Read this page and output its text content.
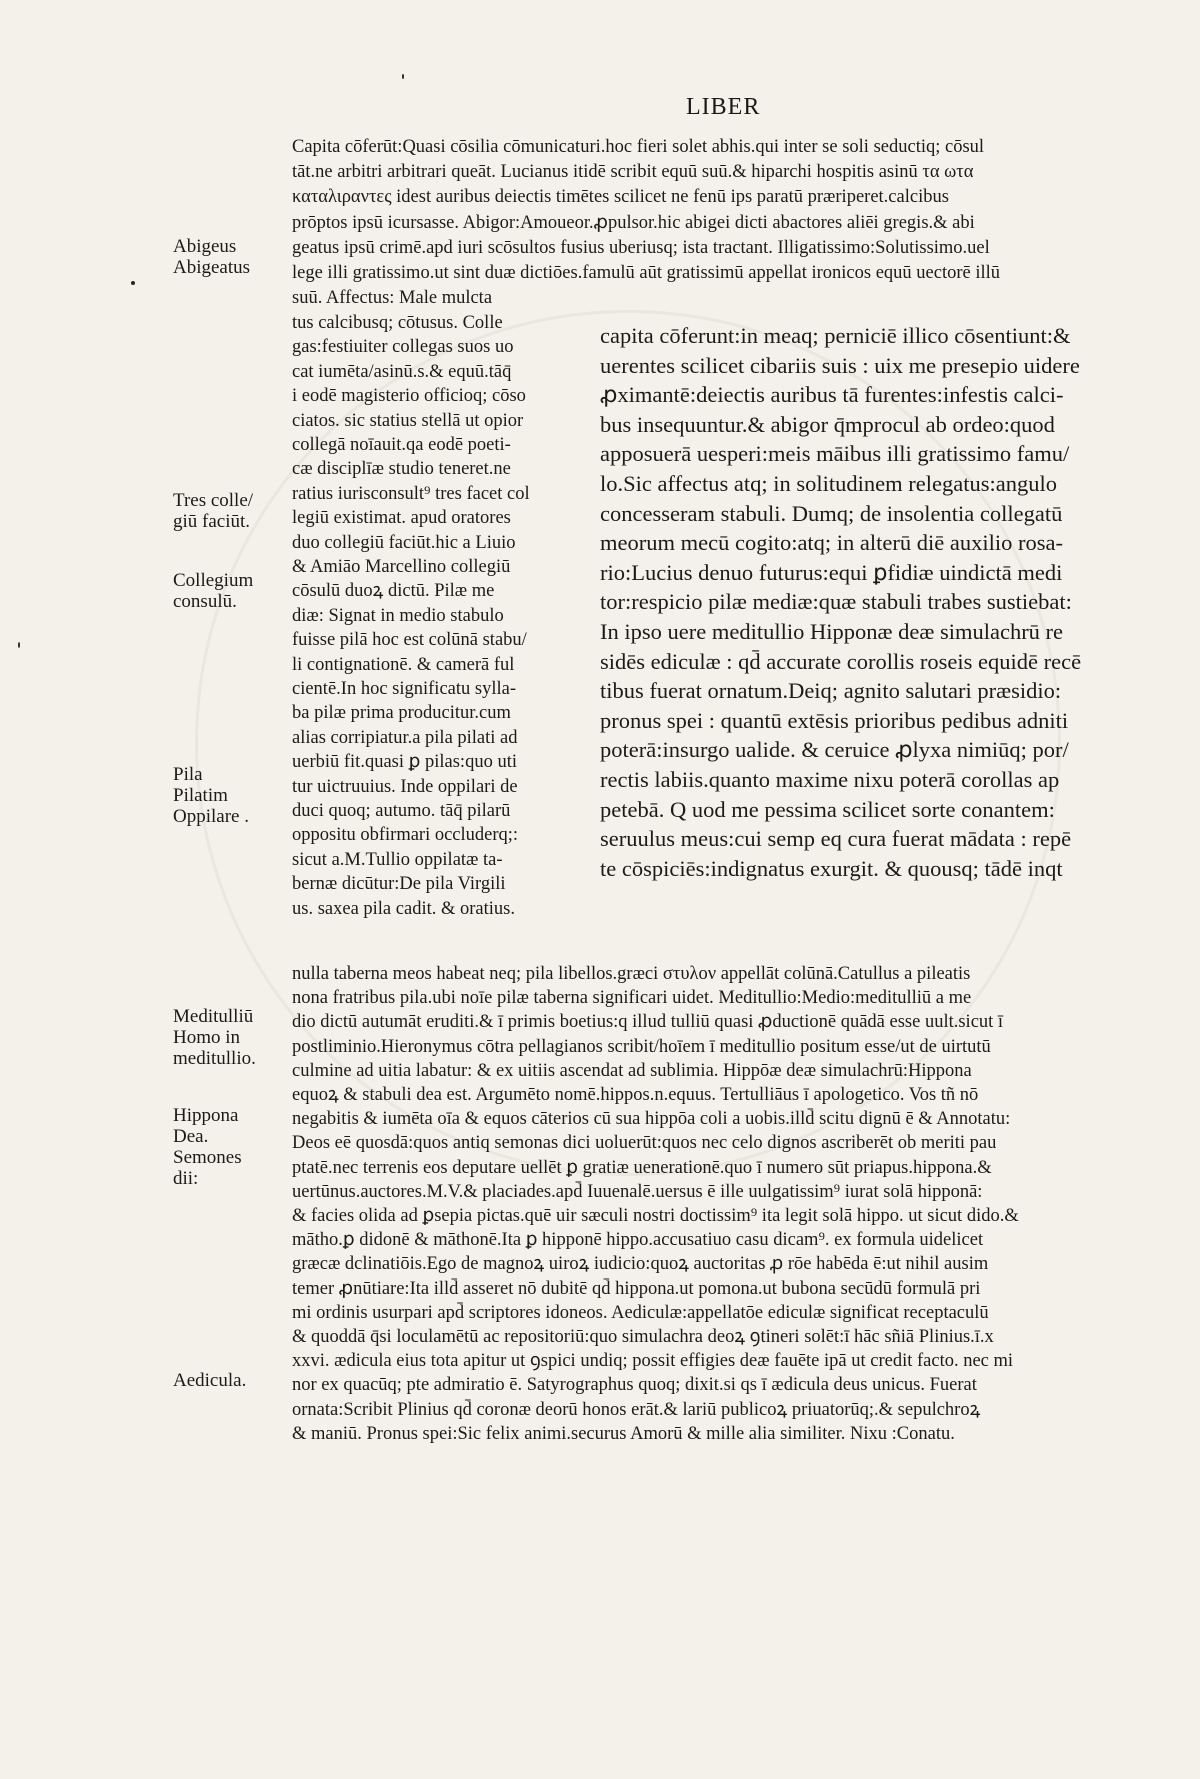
LIBER
Capita cōferūt:Quasi cōsilia cōmunicaturi.hoc fieri solet abhis.qui inter se soli seductiq; cōsul
tāt.ne arbitri arbitrari queāt. Lucianus itidē scribit equū suū.& hiparchi hospitis asinū τα ωτα
καταλιραντες idest auribus deiectis timētes scilicet ne fenū ips paratū præriperet.calcibus
prōptos ipsū icursasse. Abigor:Amoueor.ꝓpulsor.hic abigei dicti abactores aliēi gregis.& abi
geatus ipsū crimē.apd iuri scōsultos fusius uberiusq; ista tractant. Illigatissimo:Solutissimo.uel
lege illi gratissimo.ut sint duæ dictiōes.famulū aūt gratissimū appellat ironicos equū uectorē illū
suū. Affectus: Male mulcta
tus calcibusq; cōtusus. Colle
gas:festiuiter collegas suos uo
cat iumēta/asinū.s.& equū.tāq̄
i eodē magisterio officioq; cōso
ciatos. sic statius stellā ut opior
collegā noīauit.qa eodē poeti-
cæ disciplīæ studio teneret.ne
ratius iurisconsult⁹ tres facet col
legiū existimat. apud oratores
duo collegiū faciūt.hic a Liuio
& Amiāo Marcellino collegiū
cōsulū duoꝝ dictū. Pilæ me
diæ: Signat in medio stabulo
fuisse pilā hoc est colūnā stabu/
li contignationē. & camerā ful
cientē.In hoc significatu sylla-
ba pilæ prima producitur.cum
alias corripiatur.a pila pilati ad
uerbiū fit.quasi ꝑ pilas:quo uti
tur uictruuius. Inde oppilari de
duci quoq; autumo. tāq̄ pilarū
oppositu obfirmari occluderq;:
sicut a.M.Tullio oppilatæ ta-
bernæ dicūtur:De pila Virgili
us. saxea pila cadit. & oratius.
capita cōferunt:in meaq; perniciē illico cōsentiunt:&
uerentes scilicet cibariis suis : uix me presepio uidere
ꝓximantē:deiectis auribus tā furentes:infestis calci-
bus insequuntur.& abigor q̄mprocul ab ordeo:quod
apposuerā uesperi:meis māibus illi gratissimo famu/
lo.Sic affectus atq; in solitudinem relegatus:angulo
concesseram stabuli. Dumq; de insolentia collegatū
meorum mecū cogito:atq; in alterū diē auxilio rosa-
rio:Lucius denuo futurus:equi ꝑfidiæ uindictā medi
tor:respicio pilæ mediæ:quæ stabuli trabes sustiebat:
In ipso uere meditullio Hipponæ deæ simulachrū re
sidēs ediculæ : qd̄ accurate corollis roseis equidē recē
tibus fuerat ornatum.Deiq; agnito salutari præsidio:
pronus spei : quantū extēsis prioribus pedibus adniti
poterā:insurgo ualide. & ceruice ꝓlyxa nimiūq; por/
rectis labiis.quanto maxime nixu poterā corollas ap
petebā. Q uod me pessima scilicet sorte conantem:
seruulus meus:cui semp eq cura fuerat mādata : repē
te cōspiciēs:indignatus exurgit. & quousq; tādē inqt
nulla taberna meos habeat neq; pila libellos.græci στυλον appellāt colūnā.Catullus a pileatis
nona fratribus pila.ubi noīe pilæ taberna significari uidet. Meditullio:Medio:meditulliū a me
dio dictū autumāt eruditi.& ī primis boetius:q illud tulliū quasi ꝓductionē quādā esse uult.sicut ī
postliminio.Hieronymus cōtra pellagianos scribit/hoīem ī meditullio positum esse/ut de uirtutū
culmine ad uitia labatur: & ex uitiis ascendat ad sublimia. Hippōæ deæ simulachrū:Hippona
equoꝝ & stabuli dea est. Argumēto nomē.hippos.n.equus. Tertulliāus ī apologetico. Vos tñ nō
negabitis & iumēta oīa & equos cāterios cū sua hippōa coli a uobis.illd̄ scitu dignū ē & Annotatu:
Deos eē quosdā:quos antiq semonas dici uoluerūt:quos nec celo dignos ascriberēt ob meriti pau
ptatē.nec terrenis eos deputare uellēt ꝑ gratiæ uenerationē.quo ī numero sūt priapus.hippona.&
uertūnus.auctores.M.V.& placiades.apd̄ Iuuenalē.uersus ē ille uulgatissim⁹ iurat solā hipponā:
& facies olida ad ꝑsepia pictas.quē uir sæculi nostri doctissim⁹ ita legit solā hippo. ut sicut dido.&
mātho.ꝑ didonē & māthonē.Ita ꝑ hipponē hippo.accusatiuo casu dicam⁹. ex formula uidelicet
græcæ dclinatiōis.Ego de magnoꝝ uiroꝝ iudicio:quoꝝ auctoritas ꝓ rōe habēda ē:ut nihil ausim
temer ꝓnūtiare:Ita illd̄ asseret nō dubitē qd̄ hippona.ut pomona.ut bubona secūdū formulā pri
mi ordinis usurpari apd̄ scriptores idoneos. Aediculæ:appellatōe ediculæ significat receptaculū
& quoddā q̄si loculamētū ac repositoriū:quo simulachra deoꝝ ꝯtineri solēt:ī hāc sñiā Plinius.ī.x
xxvi. ædicula eius tota apitur ut ꝯspici undiq; possit effigies deæ fauēte ipā ut credit facto. nec mi
nor ex quacūq; pte admiratio ē. Satyrographus quoq; dixit.si qs ī ædicula deus unicus. Fuerat
ornata:Scribit Plinius qd̄ coronæ deorū honos erāt.& lariū publicoꝝ priuatorūq;.& sepulchroꝝ
& maniū. Pronus spei:Sic felix animi.securus Amorū & mille alia similiter. Nixu :Conatu.
Abigeus
Abigeatus
Tres colle/
giū faciūt.
Collegium
consulū.
Pila
Pilatim
Oppilare .
Meditulliū
Homo in
meditullio.
Hippona
Dea.
Semones
dii:
Aedicula.
